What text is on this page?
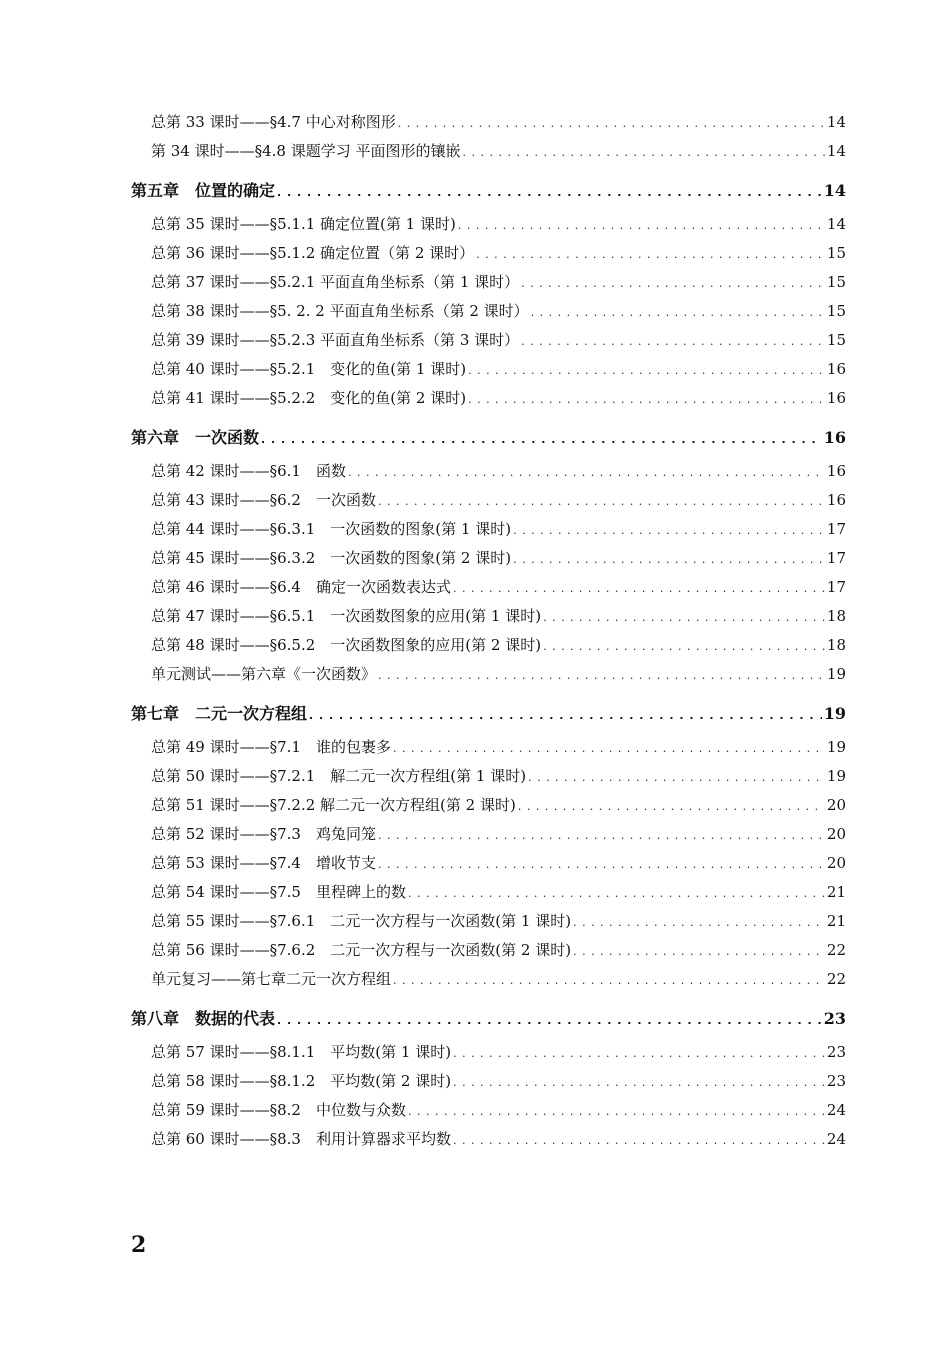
总第 33 课时——§4.7 中心对称图形 . . .	14
第 34 课时——§4.8 课题学习 平面图形的镶嵌 . . .	14
第五章　位置的确定 . . .	14
总第 35 课时——§5.1.1 确定位置(第 1 课时) . . .	14
总第 36 课时——§5.1.2 确定位置（第 2 课时） . . .	15
总第 37 课时——§5.2.1 平面直角坐标系（第 1 课时） . . .	15
总第 38 课时——§5. 2. 2 平面直角坐标系（第 2 课时） . . .	15
总第 39 课时——§5.2.3 平面直角坐标系（第 3 课时） . . .	15
总第 40 课时——§5.2.1　变化的鱼(第 1 课时) . . .	16
总第 41 课时——§5.2.2　变化的鱼(第 2 课时) . . .	16
第六章　一次函数 . . .	16
总第 42 课时——§6.1　函数 . . .	16
总第 43 课时——§6.2　一次函数 . . .	16
总第 44 课时——§6.3.1　一次函数的图象(第 1 课时) . . .	17
总第 45 课时——§6.3.2　一次函数的图象(第 2 课时) . . .	17
总第 46 课时——§6.4　确定一次函数表达式 . . .	17
总第 47 课时——§6.5.1　一次函数图象的应用(第 1 课时) . . .	18
总第 48 课时——§6.5.2　一次函数图象的应用(第 2 课时) . . .	18
单元测试——第六章《一次函数》 . . .	19
第七章　二元一次方程组 . . .	19
总第 49 课时——§7.1　谁的包裹多 . . .	19
总第 50 课时——§7.2.1　解二元一次方程组(第 1 课时) . . .	19
总第 51 课时——§7.2.2 解二元一次方程组(第 2 课时) . . .	20
总第 52 课时——§7.3　鸡兔同笼 . . .	20
总第 53 课时——§7.4　增收节支 . . .	20
总第 54 课时——§7.5　里程碑上的数 . . .	21
总第 55 课时——§7.6.1　二元一次方程与一次函数(第 1 课时) . . .	21
总第 56 课时——§7.6.2　二元一次方程与一次函数(第 2 课时) . . .	22
单元复习——第七章二元一次方程组 . . .	22
第八章　数据的代表 . . .	23
总第 57 课时——§8.1.1　平均数(第 1 课时) . . .	23
总第 58 课时——§8.1.2　平均数(第 2 课时) . . .	23
总第 59 课时——§8.2　中位数与众数 . . .	24
总第 60 课时——§8.3　利用计算器求平均数 . . .	24
2
